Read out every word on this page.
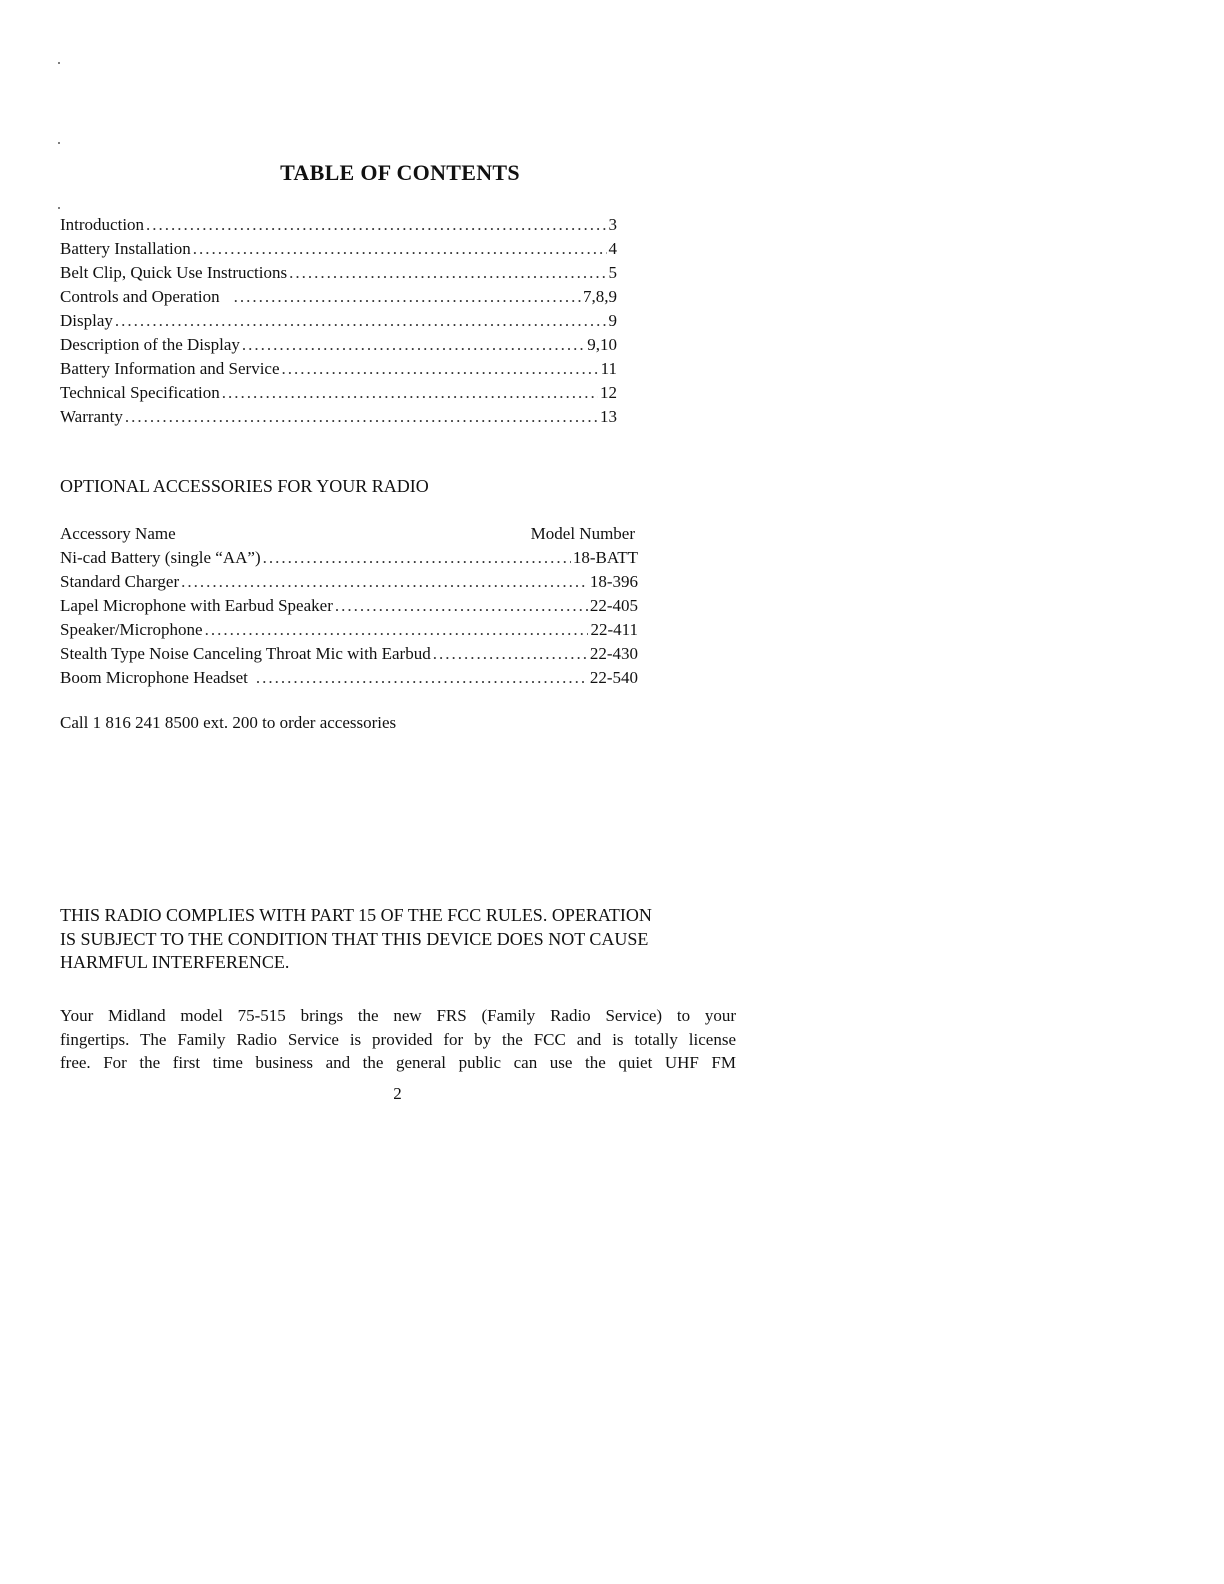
TABLE OF CONTENTS
Introduction .....	3
Battery Installation .....	4
Belt Clip, Quick Use Instructions .....	5
Controls and Operation .....	7,8,9
Display .....	9
Description of the Display .....	9,10
Battery Information and Service .....	11
Technical Specification .....	12
Warranty .....	13
OPTIONAL ACCESSORIES FOR YOUR RADIO
Accessory Name	Model Number
Ni-cad Battery (single “AA”) .....	18-BATT
Standard Charger .....	18-396
Lapel Microphone with Earbud Speaker .....	22-405
Speaker/Microphone .....	22-411
Stealth Type Noise Canceling Throat Mic with Earbud .....	22-430
Boom Microphone Headset .....	22-540
Call 1 816 241 8500 ext. 200 to order accessories
THIS RADIO COMPLIES WITH PART 15 OF THE FCC RULES. OPERATION
IS SUBJECT TO THE CONDITION THAT THIS DEVICE DOES NOT CAUSE
HARMFUL INTERFERENCE.
Your Midland model 75-515 brings the new FRS (Family Radio Service) to your
fingertips. The Family Radio Service is provided for by the FCC and is totally license
free. For the first time business and the general public can use the quiet UHF FM
2
